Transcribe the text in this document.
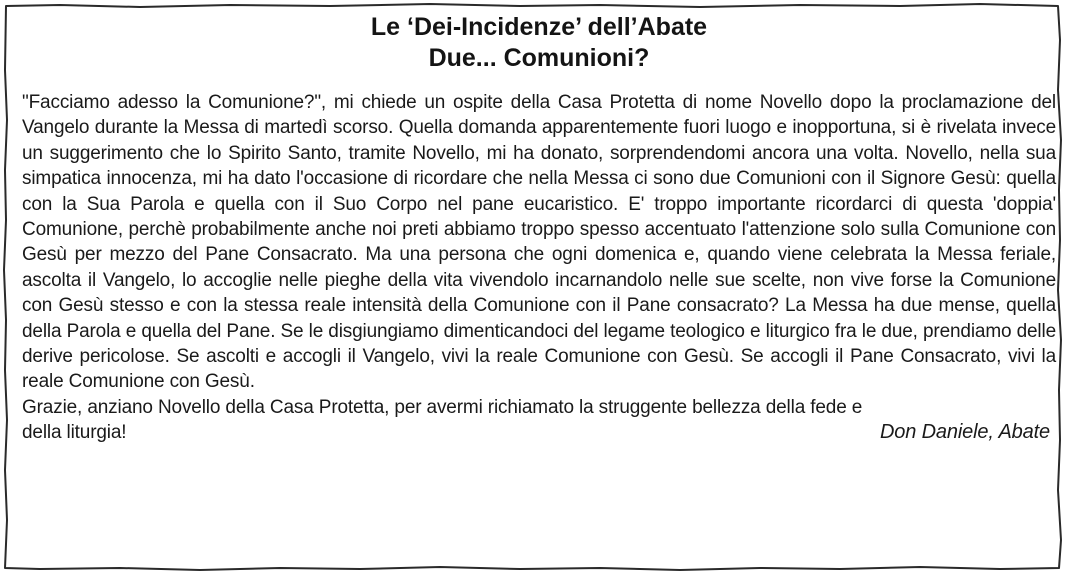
Le ‘Dei-Incidenze’ dell’Abate
Due... Comunioni?

"Facciamo adesso la Comunione?", mi chiede un ospite della Casa Protetta di nome Novello dopo la proclamazione del Vangelo durante la Messa di martedì scorso. Quella domanda apparentemente fuori luogo e inopportuna, si è rivelata invece un suggerimento che lo Spirito Santo, tramite Novello, mi ha donato, sorprendendomi ancora una volta. Novello, nella sua simpatica innocenza, mi ha dato l'occasione di ricordare che nella Messa ci sono due Comunioni con il Signore Gesù: quella con la Sua Parola e quella con il Suo Corpo nel pane eucaristico. E' troppo importante ricordarci di questa 'doppia' Comunione, perchè probabilmente anche noi preti abbiamo troppo spesso accentuato l'attenzione solo sulla Comunione con Gesù per mezzo del Pane Consacrato. Ma una persona che ogni domenica e, quando viene celebrata la Messa feriale, ascolta il Vangelo, lo accoglie nelle pieghe della vita vivendolo incarnandolo nelle sue scelte, non vive forse la Comunione con Gesù stesso e con la stessa reale intensità della Comunione con il Pane consacrato? La Messa ha due mense, quella della Parola e quella del Pane. Se le disgiungiamo dimenticandoci del legame teologico e liturgico fra le due, prendiamo delle derive pericolose. Se ascolti e accogli il Vangelo, vivi la reale Comunione con Gesù. Se accogli il Pane Consacrato, vivi la reale Comunione con Gesù.

Grazie, anziano Novello della Casa Protetta, per avermi richiamato la struggente bellezza della fede e

della liturgia!	Don Daniele, Abate
